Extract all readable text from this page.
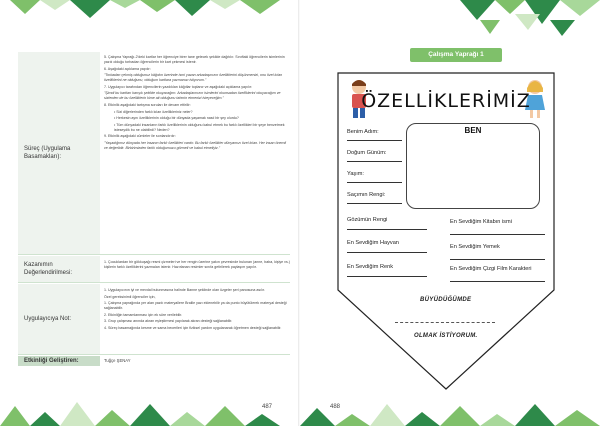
Süreç (Uygulama Basamakları):

5. Çalışma Yaprağı-2'deki kartlar her öğrenciye birer tane gelecek şekilde dağıtılır. Sınıftaki öğrencilerin isimlerinin yazılı olduğu torbadan öğrencilerin bir kart çekmesi istenir.

6. Aşağıdaki açıklama yapılır:

"Torbadan çekmiş olduğunuz kâğıdın üzerinde ismi yazan arkadaşınızın özelliklerini düşünmenizi, onu özel kılan özelliklerini ne olduğunu, olduğum kartlara yazmanızı istiyorum."

7. Uygulayıcı tarafından öğrencilerin yazdıkları kâğıtlar toplanır ve aşağıdaki açıklama yapılır:

"Şimdi bu kartları karışık şekilde okuyacağım. Arkadaşlarınızın isimlerini okunsadan özelliklerini okuyacağım ve sizlerden de bu özelliklerin kime ait olduğunu tahmin etmenizi isteyeceğim."

8. Etkinlik aşağıdaki tartışma soruları ile devam ettirilir:

• Sizi diğerlerinden farklı kılan özellikleriniz neler?

• Herkesin aynı özelliklerinin olduğu bir dünyada yaşamak nasıl bir şey olurdu?

• Tüm dünyadaki insanların farklı özelliklerinin olduğunu kabul etmek bu farklı özellikleri bir şeye benzetmek isteseydik bu ne olabilirdi? Neden?

9. Etkinlik aşağıdaki cümleler ile sonlandırılır:

"Yaşadığımız dünyada her insanın farklı özellikleri vardır. Bu farklı özellikler dünyamızı özel kılan. Her insan önemli ve değerlidir. Birbirimizden farklı olduğumuzu görmeli ve kabul etmeliyiz."

Kazanımın Değerlendirilmesi:

1. Çocuklardan bir gökkuşağı resmi çizmeleri ve her rengin üzerine yakın çevresinde bulunan (anne, baba, kişiye vs.) kişilerin farklı özelliklerini yazmaları istenir. Hazırlanan resimler sınıfa getirilerek paylaşım yapılır.

Uygulayıcıya Not:

1. Uygulayıcının iyi ve mevdal bulunmasına halinde Banne şeklinde olan üzgeler şeri panosuna asılır.

Özel gereksinimli öğrenciler için,

1. Çalışma yaprağında yer alan yazılı materyallere Braille yazı eklenebilir ya da punto büyütülerek materyal desteği sağlanabilir.

2. Etkinliğin tamamlanması için ek süre verilebilir.

3. Grup çalışması anında akran eşleştirmesi yapılarak akran desteği sağlanabilir.

4. Süreç basamağında kesme ve sama becerileri için fiziksel yardım uygulanarak öğretmen desteği sağlanabilir.

Etkinliği Geliştiren:	Tuğçe ŞENAY

487	488
Çalışma Yaprağı 1
ÖZELLİKLERİMİZ
BEN
Benim Adım:
Doğum Günüm:
Yaşım:
Saçımın Rengi:
Gözümün Rengi
En Sevdiğim Hayvan
En Sevdiğim Renk
En Sevdiğim Kitabın ismi
En Sevdiğim Yemek
En Sevdiğim Çizgi Film Karakteri
BÜYÜDÜĞÜMDE
OLMAK İSTİYORUM.
